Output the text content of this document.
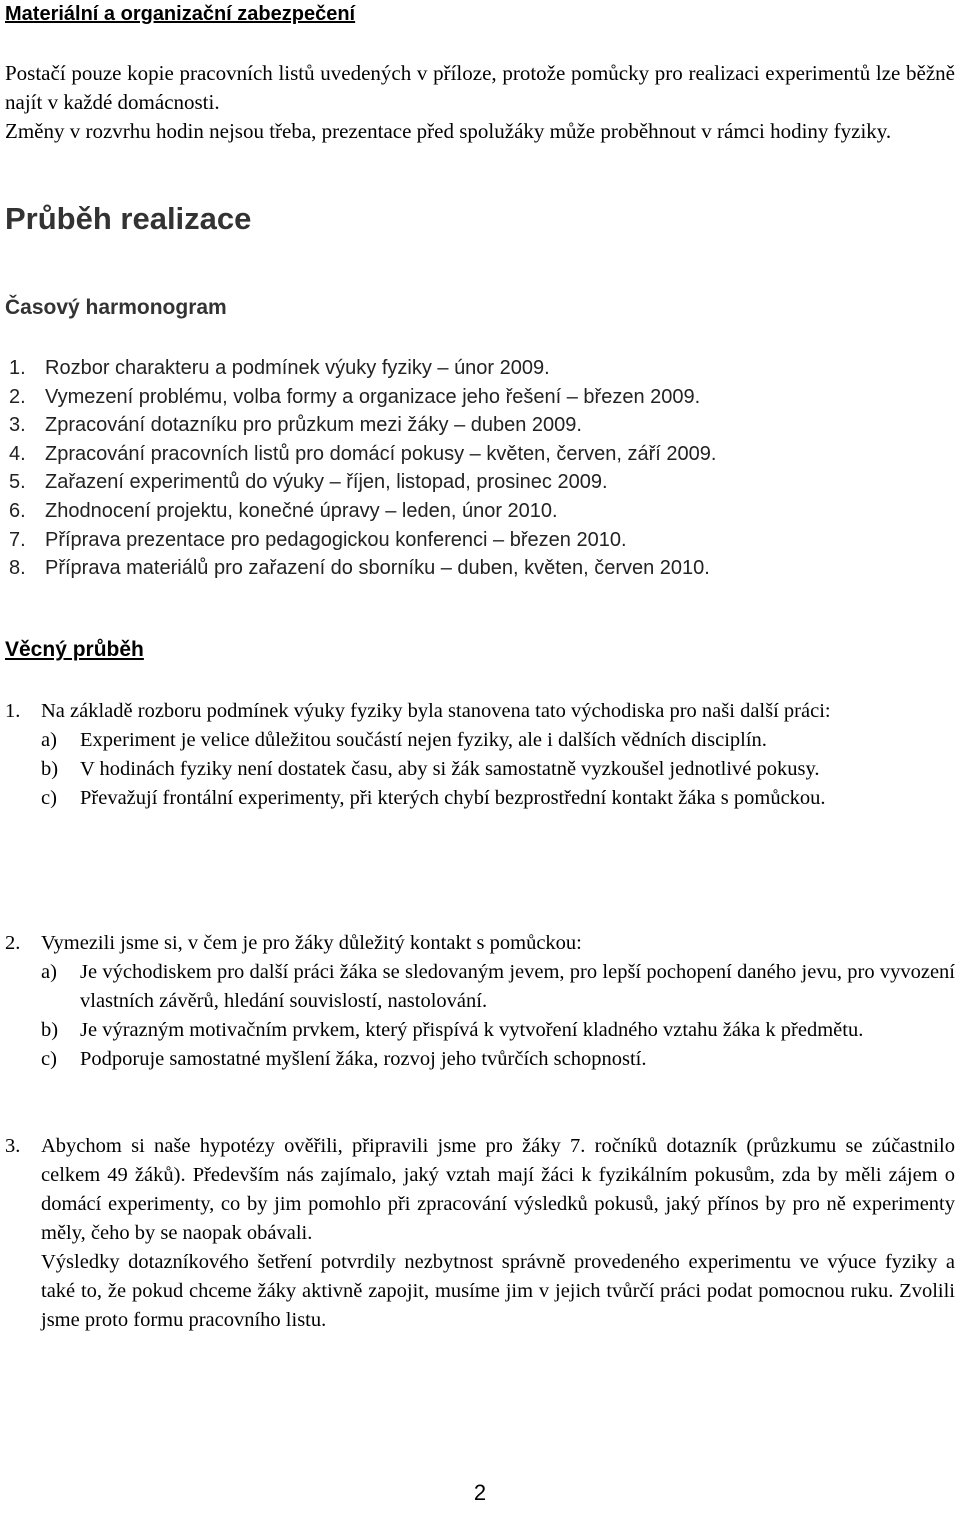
Materiální a organizační zabezpečení
Postačí pouze kopie pracovních listů uvedených v příloze, protože pomůcky pro realizaci experimentů lze běžně najít v každé domácnosti.
Změny v rozvrhu hodin nejsou třeba, prezentace před spolužáky může proběhnout v rámci hodiny fyziky.
Průběh realizace
Časový harmonogram
1. Rozbor charakteru a podmínek výuky fyziky – únor 2009.
2. Vymezení problému, volba formy a organizace jeho řešení – březen 2009.
3. Zpracování dotazníku pro průzkum mezi žáky – duben 2009.
4. Zpracování pracovních listů pro domácí pokusy – květen, červen, září 2009.
5. Zařazení experimentů do výuky – říjen, listopad, prosinec 2009.
6. Zhodnocení projektu, konečné úpravy – leden, únor 2010.
7. Příprava prezentace pro pedagogickou konferenci – březen 2010.
8. Příprava materiálů pro zařazení do sborníku – duben, květen, červen 2010.
Věcný průběh
1. Na základě rozboru podmínek výuky fyziky byla stanovena tato východiska pro naši další práci:
a) Experiment je velice důležitou součástí nejen fyziky, ale i dalších vědních disciplín.
b) V hodinách fyziky není dostatek času, aby si žák samostatně vyzkoušel jednotlivé pokusy.
c) Převažují frontální experimenty, při kterých chybí bezprostřední kontakt žáka s pomůckou.
2. Vymezili jsme si, v čem je pro žáky důležitý kontakt s pomůckou:
a) Je východiskem pro další práci žáka se sledovaným jevem, pro lepší pochopení daného jevu, pro vyvození vlastních závěrů, hledání souvislostí, nastolování.
b) Je výrazným motivačním prvkem, který přispívá k vytvoření kladného vztahu žáka k předmětu.
c) Podporuje samostatné myšlení žáka, rozvoj jeho tvůrčích schopností.
3. Abychom si naše hypotézy ověřili, připravili jsme pro žáky 7. ročníků dotazník (průzkumu se zúčastnilo celkem 49 žáků). Především nás zajímalo, jaký vztah mají žáci k fyzikálním pokusům, zda by měli zájem o domácí experimenty, co by jim pomohlo při zpracování výsledků pokusů, jaký přínos by pro ně experimenty měly, čeho by se naopak obávali.
Výsledky dotazníkového šetření potvrdily nezbytnost správně provedeného experimentu ve výuce fyziky a také to, že pokud chceme žáky aktivně zapojit, musíme jim v jejich tvůrčí práci podat pomocnou ruku. Zvolili jsme proto formu pracovního listu.
2
